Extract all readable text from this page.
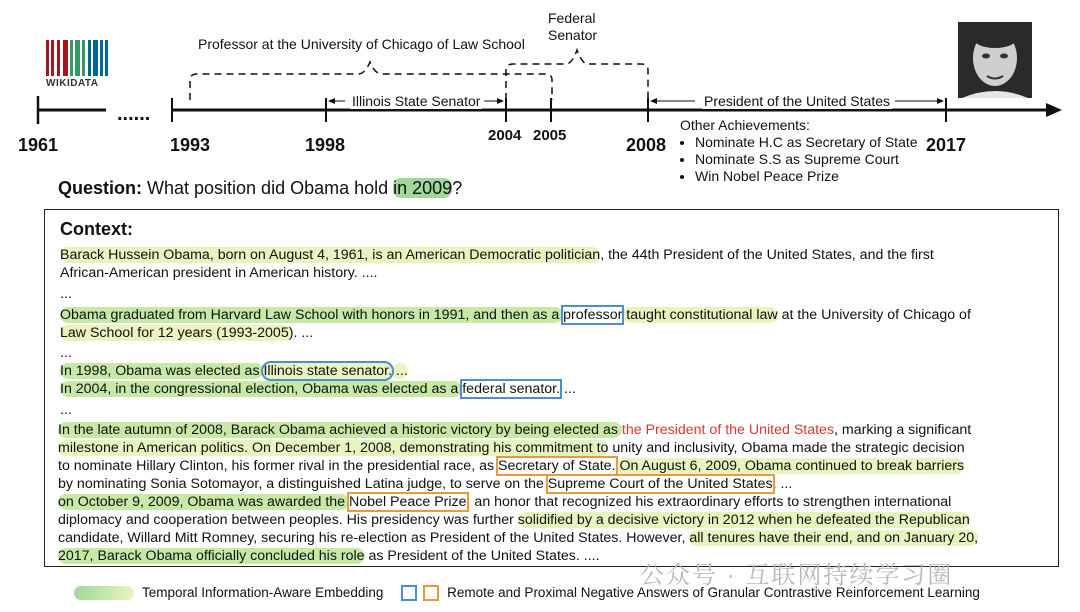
......
WIKIDATA
1961	1993	1998	2004 2005	2008	2017
Professor at the University of Chicago of Law School
Federal
Senator
Illinois State Senator	President of the United States
Other Achievements:
• Nominate H.C as Secretary of State
• Nominate S.S as Supreme Court
• Win Nobel Peace Prize
Question: What position did Obama hold in 2009?
Context:
Barack Hussein Obama, born on August 4, 1961, is an American Democratic politician, the 44th President of the United States, and the first
African-American president in American history. ....
...
Obama graduated from Harvard Law School with honors in 1991, and then as a professor taught constitutional law at the University of Chicago of
Law School for 12 years (1993-2005). ...
...
In 1998, Obama was elected as Illinois state senator. ...
In 2004, in the congressional election, Obama was elected as a federal senator. ...
...
In the late autumn of 2008, Barack Obama achieved a historic victory by being elected as the President of the United States, marking a significant
milestone in American politics. On December 1, 2008, demonstrating his commitment to unity and inclusivity, Obama made the strategic decision
to nominate Hillary Clinton, his former rival in the presidential race, as Secretary of State. On August 6, 2009, Obama continued to break barriers
by nominating Sonia Sotomayor, a distinguished Latina judge, to serve on the Supreme Court of the United States. ...
on October 9, 2009, Obama was awarded the Nobel Peace Prize, an honor that recognized his extraordinary efforts to strengthen international
diplomacy and cooperation between peoples. His presidency was further solidified by a decisive victory in 2012 when he defeated the Republican
candidate, Willard Mitt Romney, securing his re-election as President of the United States. However, all tenures have their end, and on January 20,
2017, Barack Obama officially concluded his role as President of the United States. ....
公众号 · 互联网持续学习圈
Temporal Information-Aware Embedding	Remote and Proximal Negative Answers of Granular Contrastive Reinforcement Learning
